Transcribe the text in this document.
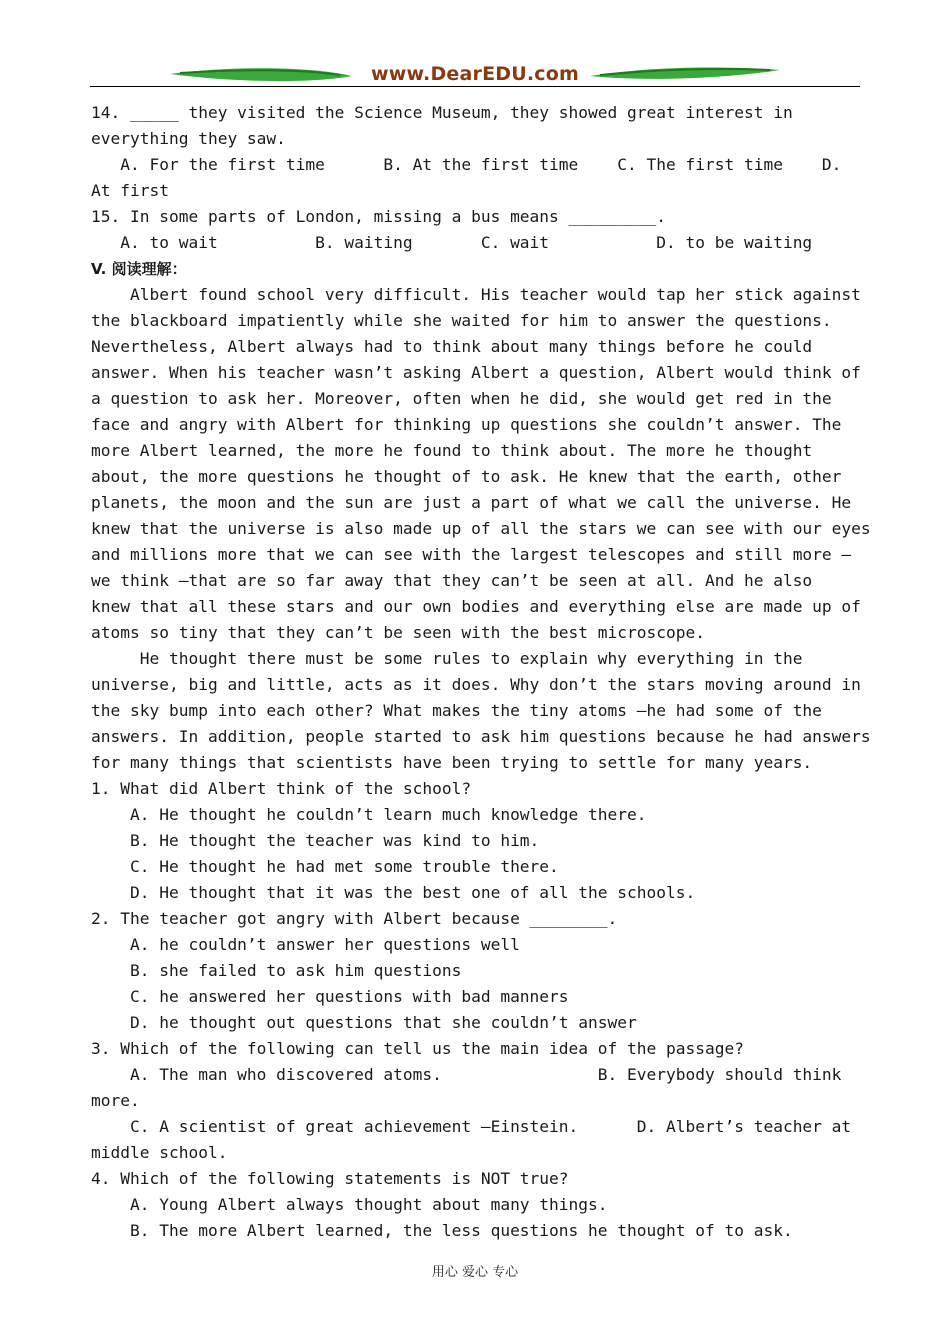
www.DearEDU.com
14. _____ they visited the Science Museum, they showed great interest in
everything they saw.
A. For the first time      B. At the first time    C. The first time    D.
At first
15. In some parts of London, missing a bus means _________.
A. to wait          B. waiting       C. wait           D. to be waiting
V. 阅读理解：
Albert found school very difficult. His teacher would tap her stick against
the blackboard impatiently while she waited for him to answer the questions.
Nevertheless, Albert always had to think about many things before he could
answer. When his teacher wasn’t asking Albert a question, Albert would think of
a question to ask her. Moreover, often when he did, she would get red in the
face and angry with Albert for thinking up questions she couldn’t answer. The
more Albert learned, the more he found to think about. The more he thought
about, the more questions he thought of to ask. He knew that the earth, other
planets, the moon and the sun are just a part of what we call the universe. He
knew that the universe is also made up of all the stars we can see with our eyes
and millions more that we can see with the largest telescopes and still more —
we think —that are so far away that they can’t be seen at all. And he also
knew that all these stars and our own bodies and everything else are made up of
atoms so tiny that they can’t be seen with the best microscope.
He thought there must be some rules to explain why everything in the
universe, big and little, acts as it does. Why don’t the stars moving around in
the sky bump into each other? What makes the tiny atoms —he had some of the
answers. In addition, people started to ask him questions because he had answers
for many things that scientists have been trying to settle for many years.
1. What did Albert think of the school?
A. He thought he couldn’t learn much knowledge there.
B. He thought the teacher was kind to him.
C. He thought he had met some trouble there.
D. He thought that it was the best one of all the schools.
2. The teacher got angry with Albert because ________.
A. he couldn’t answer her questions well
B. she failed to ask him questions
C. he answered her questions with bad manners
D. he thought out questions that she couldn’t answer
3. Which of the following can tell us the main idea of the passage?
A. The man who discovered atoms.                B. Everybody should think
more.
C. A scientist of great achievement —Einstein.      D. Albert’s teacher at
middle school.
4. Which of the following statements is NOT true?
A. Young Albert always thought about many things.
B. The more Albert learned, the less questions he thought of to ask.
用心 爱心 专心
